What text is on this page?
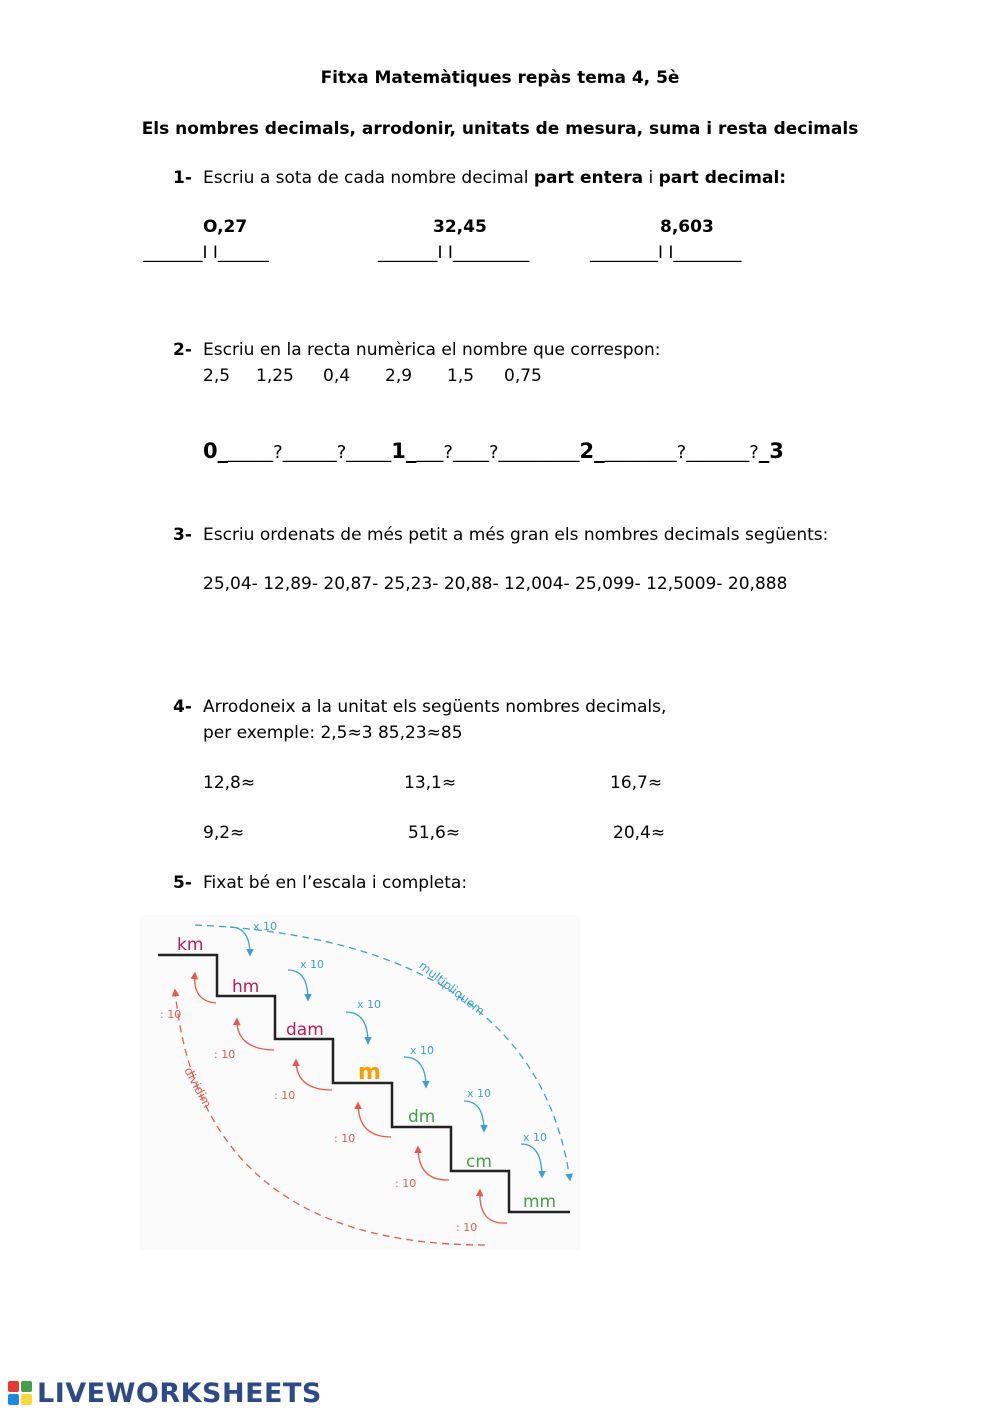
Fitxa Matemàtiques repàs tema 4, 5è
Els nombres decimals, arrodonir, unitats de mesura, suma i resta decimals
1- Escriu a sota de cada nombre decimal part entera i part decimal:
O,27	32,45	8,603
_______I I______	_______I I_________	________I I________
2- Escriu en la recta numèrica el nombre que correspon:
2,5 1,25 0,4 2,9 1,5 0,75
0______?______?_____1____?____?_________2_________?_______?_3
3- Escriu ordenats de més petit a més gran els nombres decimals següents:
25,04- 12,89- 20,87- 25,23- 20,88- 12,004- 25,099- 12,5009- 20,888
4- Arrodoneix a la unitat els següents nombres decimals,
per exemple: 2,5≈3 85,23≈85
12,8≈	13,1≈	16,7≈
9,2≈	51,6≈	20,4≈
5- Fixat bé en l’escala i completa:
km
hm
dam
m
dm
cm
mm
x 10
x 10
x 10
x 10
x 10
x 10
multipliquem
: 10
: 10
: 10
: 10
: 10
: 10
dividim
LIVEWORKSHEETS
